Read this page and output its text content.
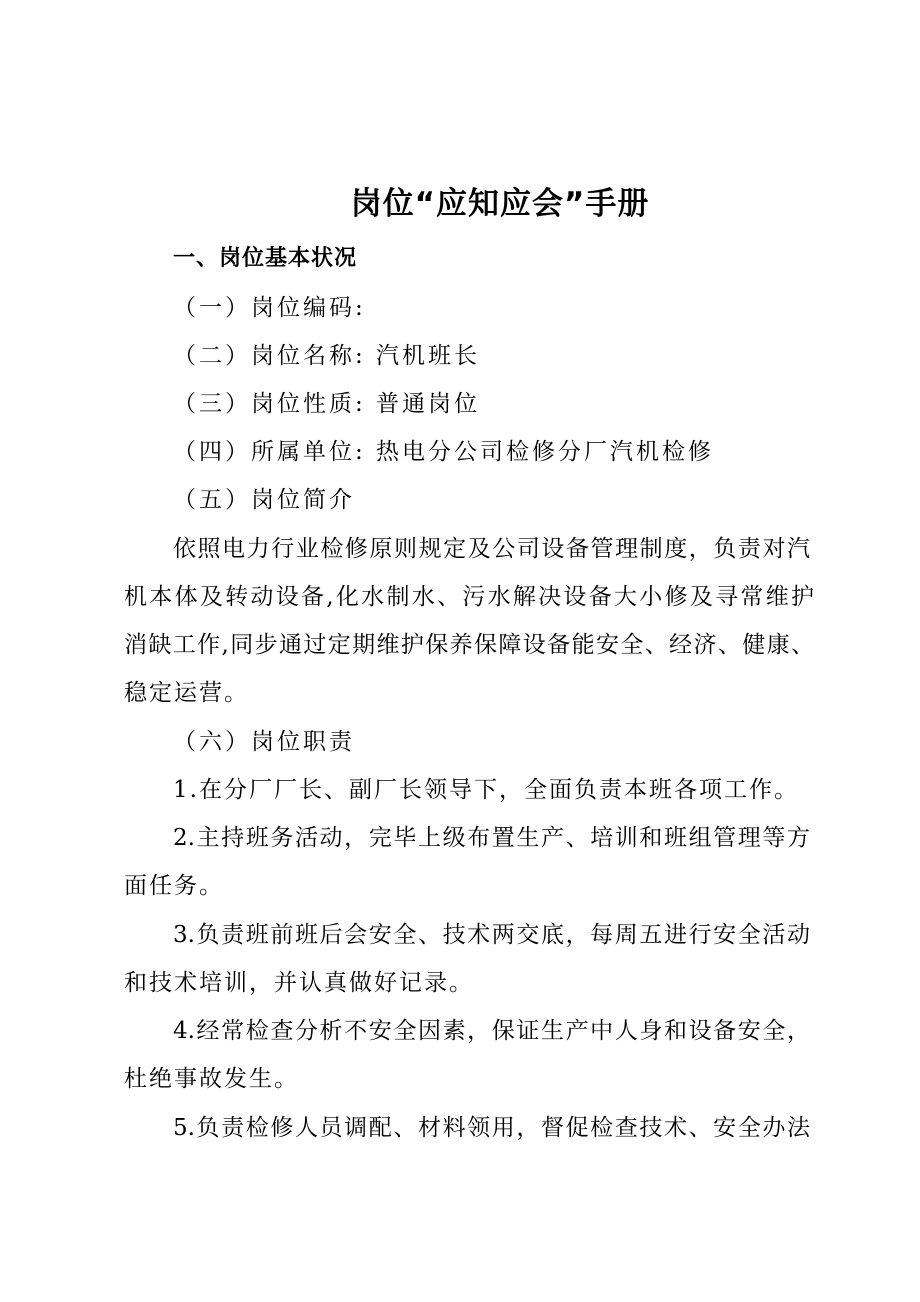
岗位“应知应会”手册
一、岗位基本状况
（一）岗位编码:
（二）岗位名称: 汽机班长
（三）岗位性质: 普通岗位
（四）所属单位: 热电分公司检修分厂汽机检修
（五）岗位简介
依照电力行业检修原则规定及公司设备管理制度，负责对汽
机本体及转动设备,化水制水、污水解决设备大小修及寻常维护
消缺工作,同步通过定期维护保养保障设备能安全、经济、健康、
稳定运营。
（六）岗位职责
1.在分厂厂长、副厂长领导下，全面负责本班各项工作。
2.主持班务活动，完毕上级布置生产、培训和班组管理等方
面任务。
3.负责班前班后会安全、技术两交底，每周五进行安全活动
和技术培训，并认真做好记录。
4.经常检查分析不安全因素，保证生产中人身和设备安全，
杜绝事故发生。
5.负责检修人员调配、材料领用，督促检查技术、安全办法
